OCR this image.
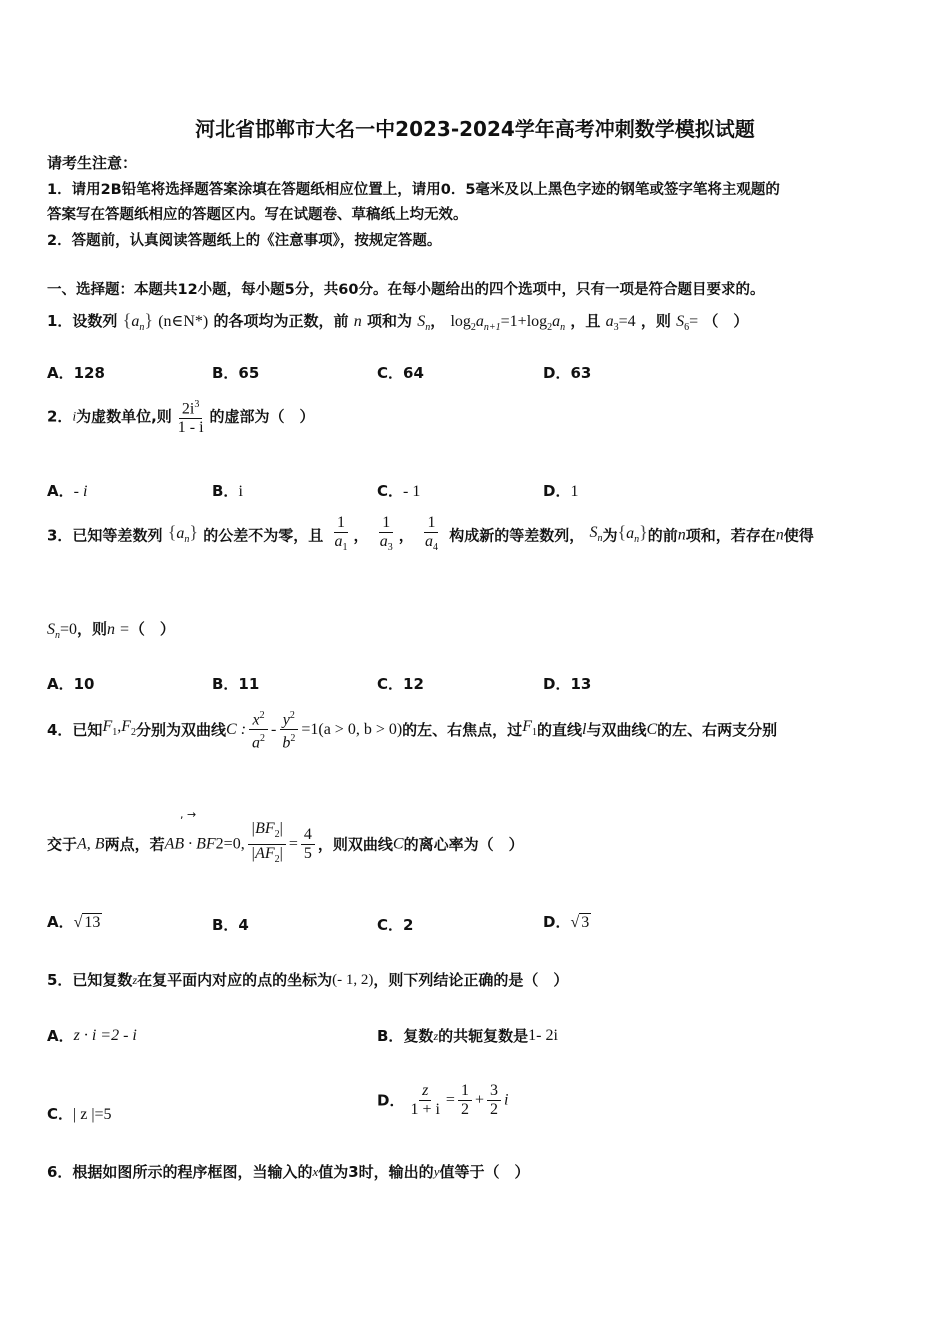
河北省邯郸市大名一中2023-2024学年高考冲刺数学模拟试题
请考生注意：
1．请用2B铅笔将选择题答案涂填在答题纸相应位置上，请用0．5毫米及以上黑色字迹的钢笔或签字笔将主观题的
答案写在答题纸相应的答题区内。写在试题卷、草稿纸上均无效。
2．答题前，认真阅读答题纸上的《注意事项》，按规定答题。
一、选择题：本题共12小题，每小题5分，共60分。在每小题给出的四个选项中，只有一项是符合题目要求的。
1．设数列 $\{a_n\}$ (n∈N*) 的各项均为正数，前 n 项和为 $S_n$， $\log_2a_{n+1}=1+\log_2a_n$ ，且 $a_3=4$ ，则 $S_6=$ （　）
A．128	B．65	C．64	D．63
2．i为虚数单位,则 $\frac{2i^3}{1 - i}$ 的虚部为（　）
A．- i	B．i	C．- 1	D．1
3．已知等差数列 $\{a_n\}$ 的公差不为零，且 $\frac{1}{a_1}$ ， $\frac{1}{a_3}$ ， $\frac{1}{a_4}$ 构成新的等差数列， $S_n$为$\{a_n\}$的前n项和，若存在n使得
$S_n=0$，则n =（　）
A．10	B．11	C．12	D．13
4．已知$F_1,F_2$分别为双曲线C : $\frac{x^2}{a^2} - \frac{y^2}{b^2} =1(a > 0$, b > 0)的左、右焦点，过$F_1$的直线l与双曲线C的左、右两支分别
, →
交于A, B两点，若AB · BF2=0, $\frac{|BF_2|}{|AF_2|} = \frac{4}{5}$ ，则双曲线C的离心率为（　）
A．√ 13	B．4	C．2	D．√ 3
5．已知复数$^z$在复平面内对应的点的坐标为(- 1, 2)，则下列结论正确的是（　）
A．z · i =2 - i	B．复数$^z$的共轭复数是1- 2i
C．| z |=5
D． $\frac{z}{1 + i} = \frac{1}{2} + \frac{3}{2}$ i
6．根据如图所示的程序框图，当输入的x值为3时，输出的y值等于（　）
